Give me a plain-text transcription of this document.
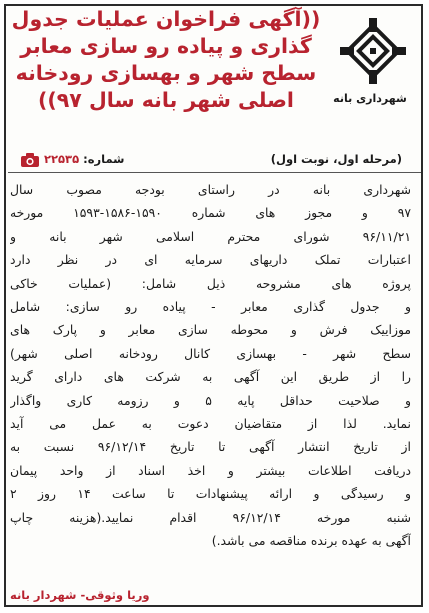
((آگهی فراخوان عملیات جدول
گذاری و پیاده رو سازی معابر
سطح شهر و بهسازی رودخانه
اصلی شهر بانه سال ۹۷))	شهرداری بانه
(مرحله اول، نوبت اول)
شماره: ۲۲۵۳۵
شهرداری بانه در راستای بودجه مصوب سال
۹۷ و مجوز های شماره ۱۵۹۰-۱۵۸۶-۱۵۹۳ مورخه
۹۶/۱۱/۲۱ شورای محترم اسلامی شهر بانه و
اعتبارات تملک داریهای سرمایه ای در نظر دارد
پروژه های مشروحه ذیل شامل: (عملیات خاکی
و جدول گذاری معابر - پیاده رو سازی: شامل
موزاییک فرش و محوطه سازی معابر و پارک های
سطح شهر - بهسازی کانال رودخانه اصلی شهر)
را از طریق این آگهی به شرکت های دارای گرید
و صلاحیت حداقل پایه ۵ و رزومه کاری واگذار
نماید. لذا از متقاضیان دعوت به عمل می آید
از تاریخ انتشار آگهی تا تاریخ ۹۶/۱۲/۱۴ نسبت به
دریافت اطلاعات بیشتر و اخذ اسناد از واحد پیمان
و رسیدگی و ارائه پیشنهادات تا ساعت ۱۴ روز ۲
شنبه مورخه ۹۶/۱۲/۱۴ اقدام نمایید.(هزینه چاپ
آگهی به عهده برنده مناقصه می باشد.)
وریا وثوقی- شهردار بانه
